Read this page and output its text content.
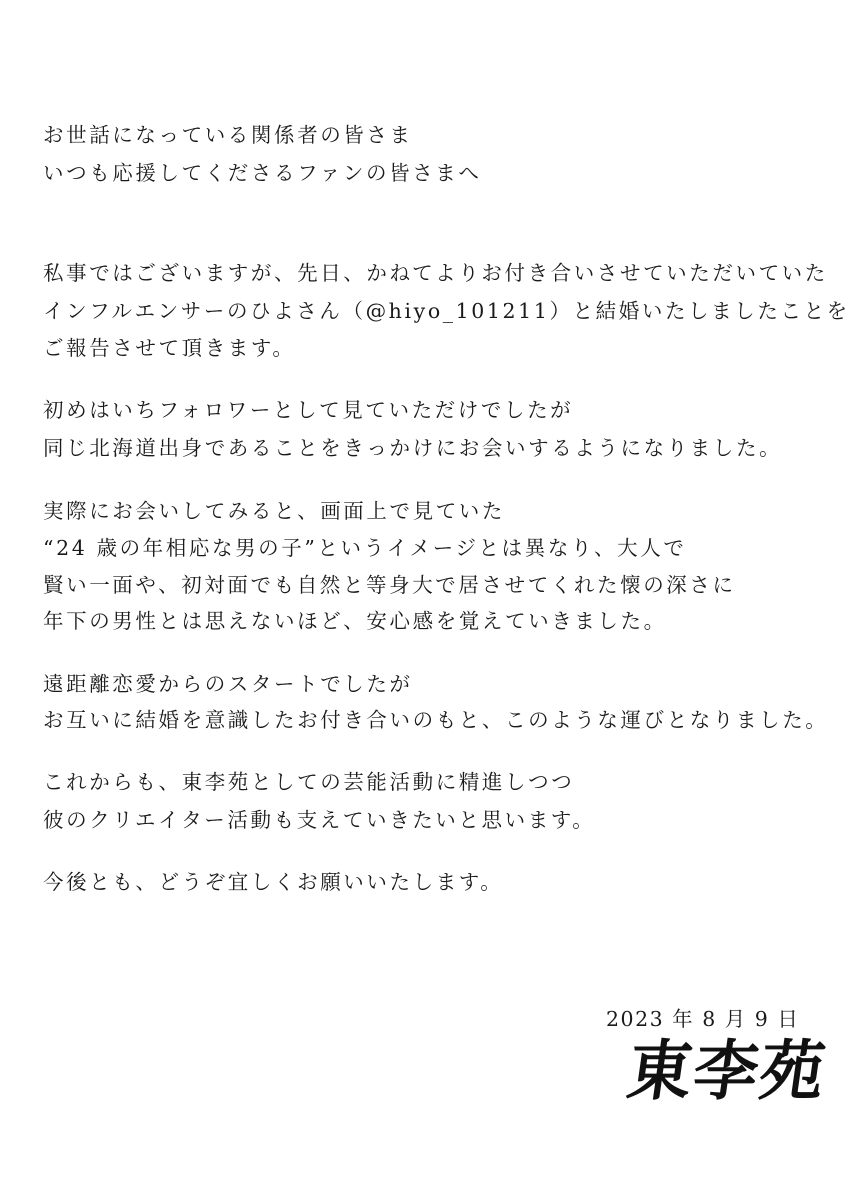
お世話になっている関係者の皆さま
いつも応援してくださるファンの皆さまへ
私事ではございますが、先日、かねてよりお付き合いさせていただいていた
インフルエンサーのひよさん（@hiyo_101211）と結婚いたしましたことを
ご報告させて頂きます。
初めはいちフォロワーとして見ていただけでしたが
同じ北海道出身であることをきっかけにお会いするようになりました。
実際にお会いしてみると、画面上で見ていた
“24 歳の年相応な男の子”というイメージとは異なり、大人で
賢い一面や、初対面でも自然と等身大で居させてくれた懐の深さに
年下の男性とは思えないほど、安心感を覚えていきました。
遠距離恋愛からのスタートでしたが
お互いに結婚を意識したお付き合いのもと、このような運びとなりました。
これからも、東李苑としての芸能活動に精進しつつ
彼のクリエイター活動も支えていきたいと思います。
今後とも、どうぞ宜しくお願いいたします。
2023 年 8 月 9 日
東李苑
